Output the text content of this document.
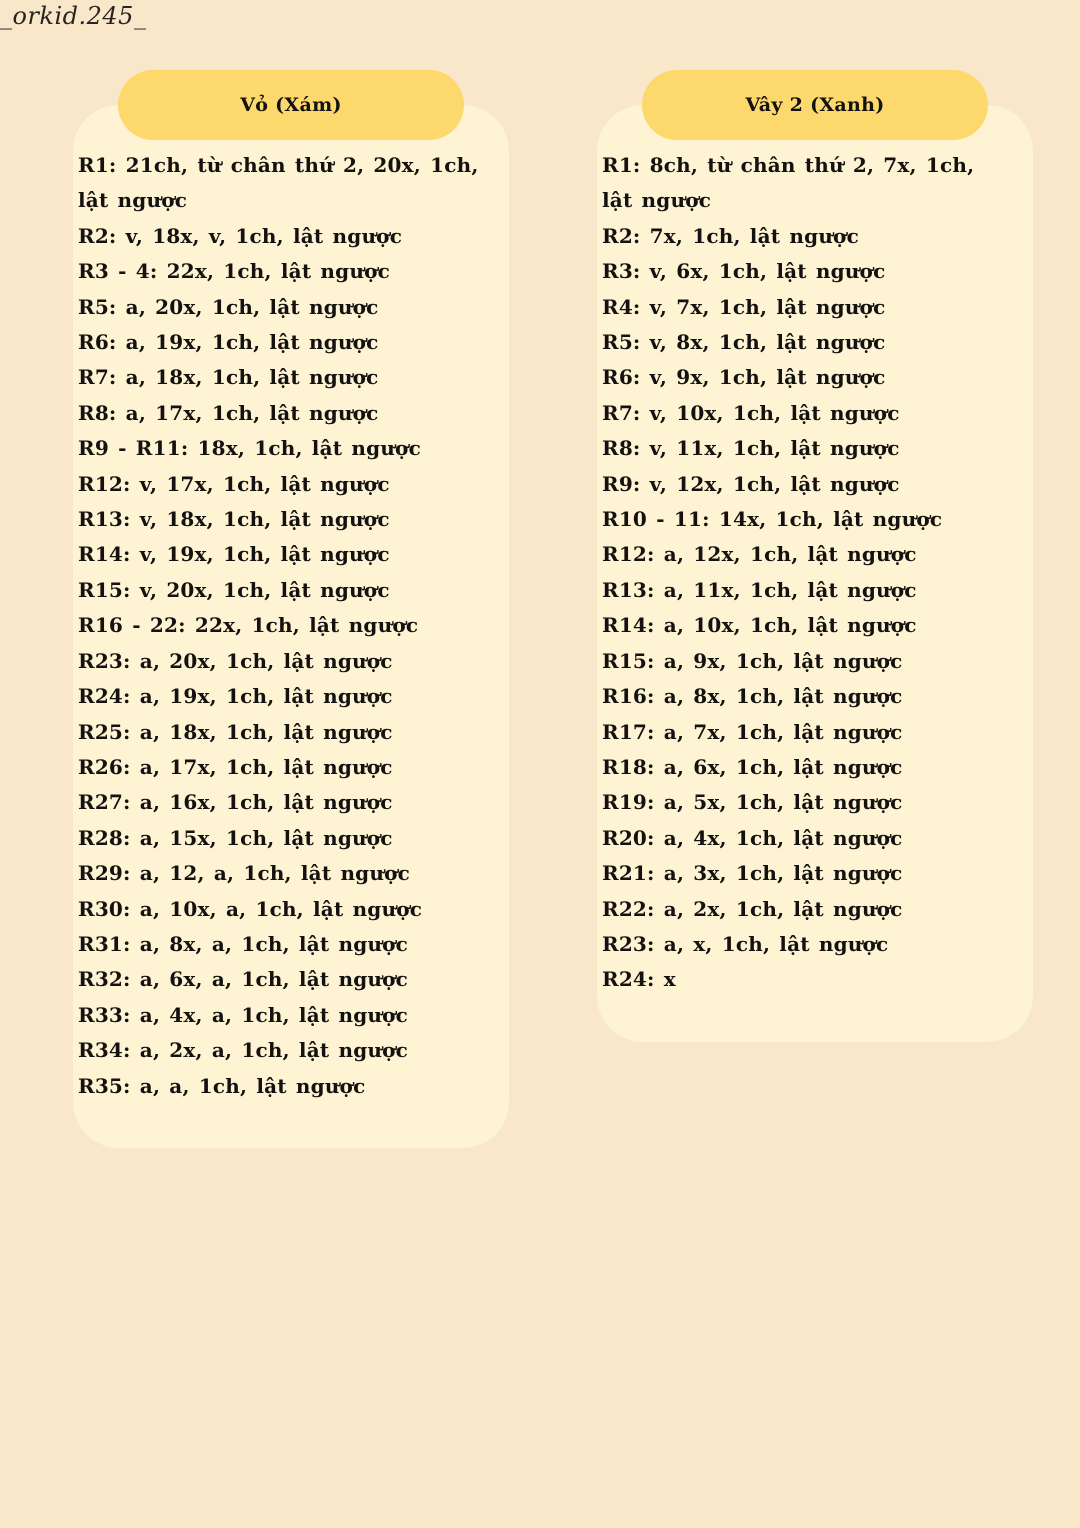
_orkid.245_
Vỏ (Xám)
R1: 21ch, từ chân thứ 2, 20x, 1ch, lật ngược
R2: v, 18x, v, 1ch, lật ngược
R3 - 4: 22x, 1ch, lật ngược
R5: a, 20x, 1ch, lật ngược
R6: a, 19x, 1ch, lật ngược
R7: a, 18x, 1ch, lật ngược
R8: a, 17x, 1ch, lật ngược
R9 - R11: 18x, 1ch, lật ngược
R12: v, 17x, 1ch, lật ngược
R13: v, 18x, 1ch, lật ngược
R14: v, 19x, 1ch, lật ngược
R15: v, 20x, 1ch, lật ngược
R16 - 22: 22x, 1ch, lật ngược
R23: a, 20x, 1ch, lật ngược
R24: a, 19x, 1ch, lật ngược
R25: a, 18x, 1ch, lật ngược
R26: a, 17x, 1ch, lật ngược
R27: a, 16x, 1ch, lật ngược
R28: a, 15x, 1ch, lật ngược
R29: a, 12, a, 1ch, lật ngược
R30: a, 10x, a, 1ch, lật ngược
R31: a, 8x, a, 1ch, lật ngược
R32: a, 6x, a, 1ch, lật ngược
R33: a, 4x, a, 1ch, lật ngược
R34: a, 2x, a, 1ch, lật ngược
R35: a, a, 1ch, lật ngược
Vây 2 (Xanh)
R1: 8ch, từ chân thứ 2, 7x, 1ch, lật ngược
R2: 7x, 1ch, lật ngược
R3: v, 6x, 1ch, lật ngược
R4: v, 7x, 1ch, lật ngược
R5: v, 8x, 1ch, lật ngược
R6: v, 9x, 1ch, lật ngược
R7: v, 10x, 1ch, lật ngược
R8: v, 11x, 1ch, lật ngược
R9: v, 12x, 1ch, lật ngược
R10 - 11: 14x, 1ch, lật ngược
R12: a, 12x, 1ch, lật ngược
R13: a, 11x, 1ch, lật ngược
R14: a, 10x, 1ch, lật ngược
R15: a, 9x, 1ch, lật ngược
R16: a, 8x, 1ch, lật ngược
R17: a, 7x, 1ch, lật ngược
R18: a, 6x, 1ch, lật ngược
R19: a, 5x, 1ch, lật ngược
R20: a, 4x, 1ch, lật ngược
R21: a, 3x, 1ch, lật ngược
R22: a, 2x, 1ch, lật ngược
R23: a, x, 1ch, lật ngược
R24: x
